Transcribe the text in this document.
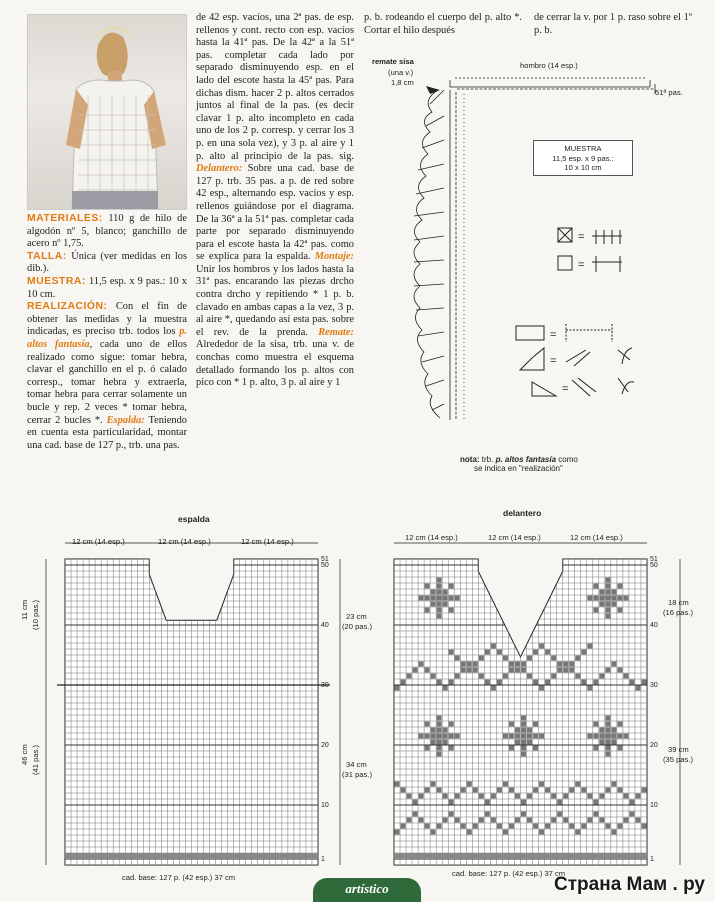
MATERIALES: 110 g de hilo de algodón nº 5, blanco; ganchillo de acero nº 1,75.

TALLA: Única (ver medidas en los dib.).

MUESTRA: 11,5 esp. x 9 pas.: 10 x 10 cm.

REALIZACIÓN: Con el fin de obtener las medidas y la muestra indicadas, es preciso trb. todos los p. altos fantasía, cada uno de ellos realizado como sigue: tomar hebra, clavar el ganchillo en el p. ó calado corresp., tomar hebra y extraerla, tomar hebra para cerrar solamente un bucle y rep. 2 veces * tomar hebra, cerrar 2 bucles *. Espalda: Teniendo en cuenta esta particularidad, montar una cad. base de 127 p., trb. una pas.

de 42 esp. vacíos, una 2ª pas. de esp. rellenos y cont. recto con esp. vacíos hasta la 41ª pas. De la 42ª a la 51ª pas. completar cada lado por separado disminuyendo esp. en el lado del escote hasta la 45ª pas. Para dichas dism. hacer 2 p. altos cerrados juntos al final de la pas. (es decir clavar 1 p. alto incompleto en cada uno de los 2 p. corresp. y cerrar los 3 p. en una sola vez), y 3 p. al aire y 1 p. alto al principio de la pas. sig. Delantero: Sobre una cad. base de 127 p. trb. 35 pas. a p. de red sobre 42 esp., alternando esp. vacíos y esp. rellenos guiándose por el diagrama. De la 36ª a la 51ª pas. completar cada parte por separado disminuyendo para el escote hasta la 42ª pas. como se explica para la espalda. Montaje: Unir los hombros y los lados hasta la 31ª pas. encarando las piezas drcho contra drcho y repitiendo * 1 p. b. clavado en ambas capas a la vez, 3 p. al aire *, quedando así esta pas. sobre el rev. de la prenda. Remate: Alrededor de la sisa, trb. una v. de conchas como muestra el esquema detallado formando los p. altos con pico con * 1 p. alto, 3 p. al aire y 1

p. b. rodeando el cuerpo del p. alto *. Cortar el hilo después

de cerrar la v. por 1 p. raso sobre el 1º p. b.

remate sisa
(una v.)
1,8 cm
hombro (14 esp.)
51ª pas.
=
=
=
=
=
MUESTRA
11,5 esp. x 9 pas.:
10 x 10 cm
nota: trb. p. altos fantasía como
se indica en "realización"
espalda
12 cm (14 esp.)	12 cm (14 esp.)	12 cm (14 esp.)
11 cm (10 pas.)
46 cm (41 pas.)
23 cm
(20 pas.)
34 cm
(31 pas.)
cad. base: 127 p. (42 esp.) 37 cm
delantero
12 cm (14 esp.)	12 cm (14 esp.)	12 cm (14 esp.)
18 cm
(16 pas.)
39 cm
(35 pas.)
cad. base: 127 p. (42 esp.) 37 cm
51
50
40
30
20
10
1
51
50
40
30
20
10
1
artístico	Страна Мам . ру
